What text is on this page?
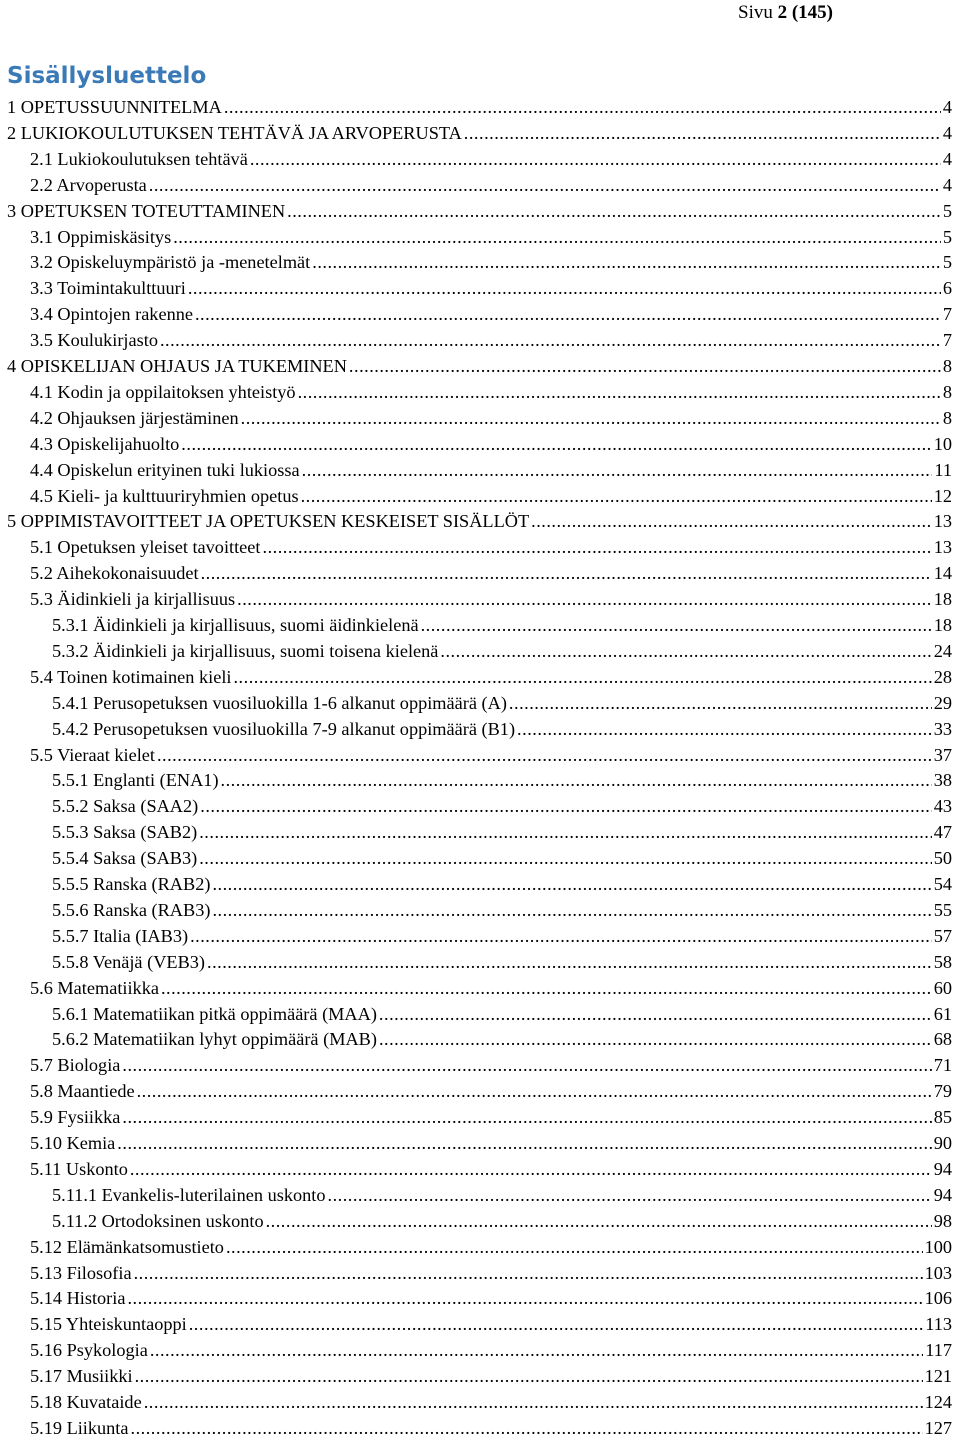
Sivu 2 (145)
Sisällysluettelo
1 OPETUSSUUNNITELMA .....	4
2 LUKIOKOULUTUKSEN TEHTÄVÄ JA ARVOPERUSTA .....	4
2.1 Lukiokoulutuksen tehtävä .....	4
2.2 Arvoperusta .....	4
3 OPETUKSEN TOTEUTTAMINEN .....	5
3.1 Oppimiskäsitys .....	5
3.2 Opiskeluympäristö ja -menetelmät .....	5
3.3 Toimintakulttuuri .....	6
3.4 Opintojen rakenne .....	7
3.5 Koulukirjasto .....	7
4 OPISKELIJAN OHJAUS JA TUKEMINEN .....	8
4.1 Kodin ja oppilaitoksen yhteistyö .....	8
4.2 Ohjauksen järjestäminen .....	8
4.3 Opiskelijahuolto .....	10
4.4 Opiskelun erityinen tuki lukiossa .....	11
4.5 Kieli- ja kulttuuriryhmien opetus .....	12
5 OPPIMISTAVOITTEET JA OPETUKSEN KESKEISET SISÄLLÖT .....	13
5.1 Opetuksen yleiset tavoitteet .....	13
5.2 Aihekokonaisuudet .....	14
5.3 Äidinkieli ja kirjallisuus .....	18
5.3.1 Äidinkieli ja kirjallisuus, suomi äidinkielenä .....	18
5.3.2 Äidinkieli ja kirjallisuus, suomi toisena kielenä .....	24
5.4 Toinen kotimainen kieli .....	28
5.4.1 Perusopetuksen vuosiluokilla 1-6 alkanut oppimäärä (A) .....	29
5.4.2 Perusopetuksen vuosiluokilla 7-9 alkanut oppimäärä (B1) .....	33
5.5 Vieraat kielet .....	37
5.5.1 Englanti (ENA1) .....	38
5.5.2 Saksa (SAA2) .....	43
5.5.3 Saksa (SAB2) .....	47
5.5.4 Saksa (SAB3) .....	50
5.5.5 Ranska (RAB2) .....	54
5.5.6 Ranska (RAB3) .....	55
5.5.7 Italia (IAB3) .....	57
5.5.8 Venäjä (VEB3) .....	58
5.6 Matematiikka .....	60
5.6.1 Matematiikan pitkä oppimäärä (MAA) .....	61
5.6.2 Matematiikan lyhyt oppimäärä (MAB) .....	68
5.7 Biologia .....	71
5.8 Maantiede .....	79
5.9 Fysiikka .....	85
5.10 Kemia .....	90
5.11 Uskonto .....	94
5.11.1 Evankelis-luterilainen uskonto .....	94
5.11.2 Ortodoksinen uskonto .....	98
5.12 Elämänkatsomustieto .....	100
5.13 Filosofia .....	103
5.14 Historia .....	106
5.15 Yhteiskuntaoppi .....	113
5.16 Psykologia .....	117
5.17 Musiikki .....	121
5.18 Kuvataide .....	124
5.19 Liikunta .....	127
